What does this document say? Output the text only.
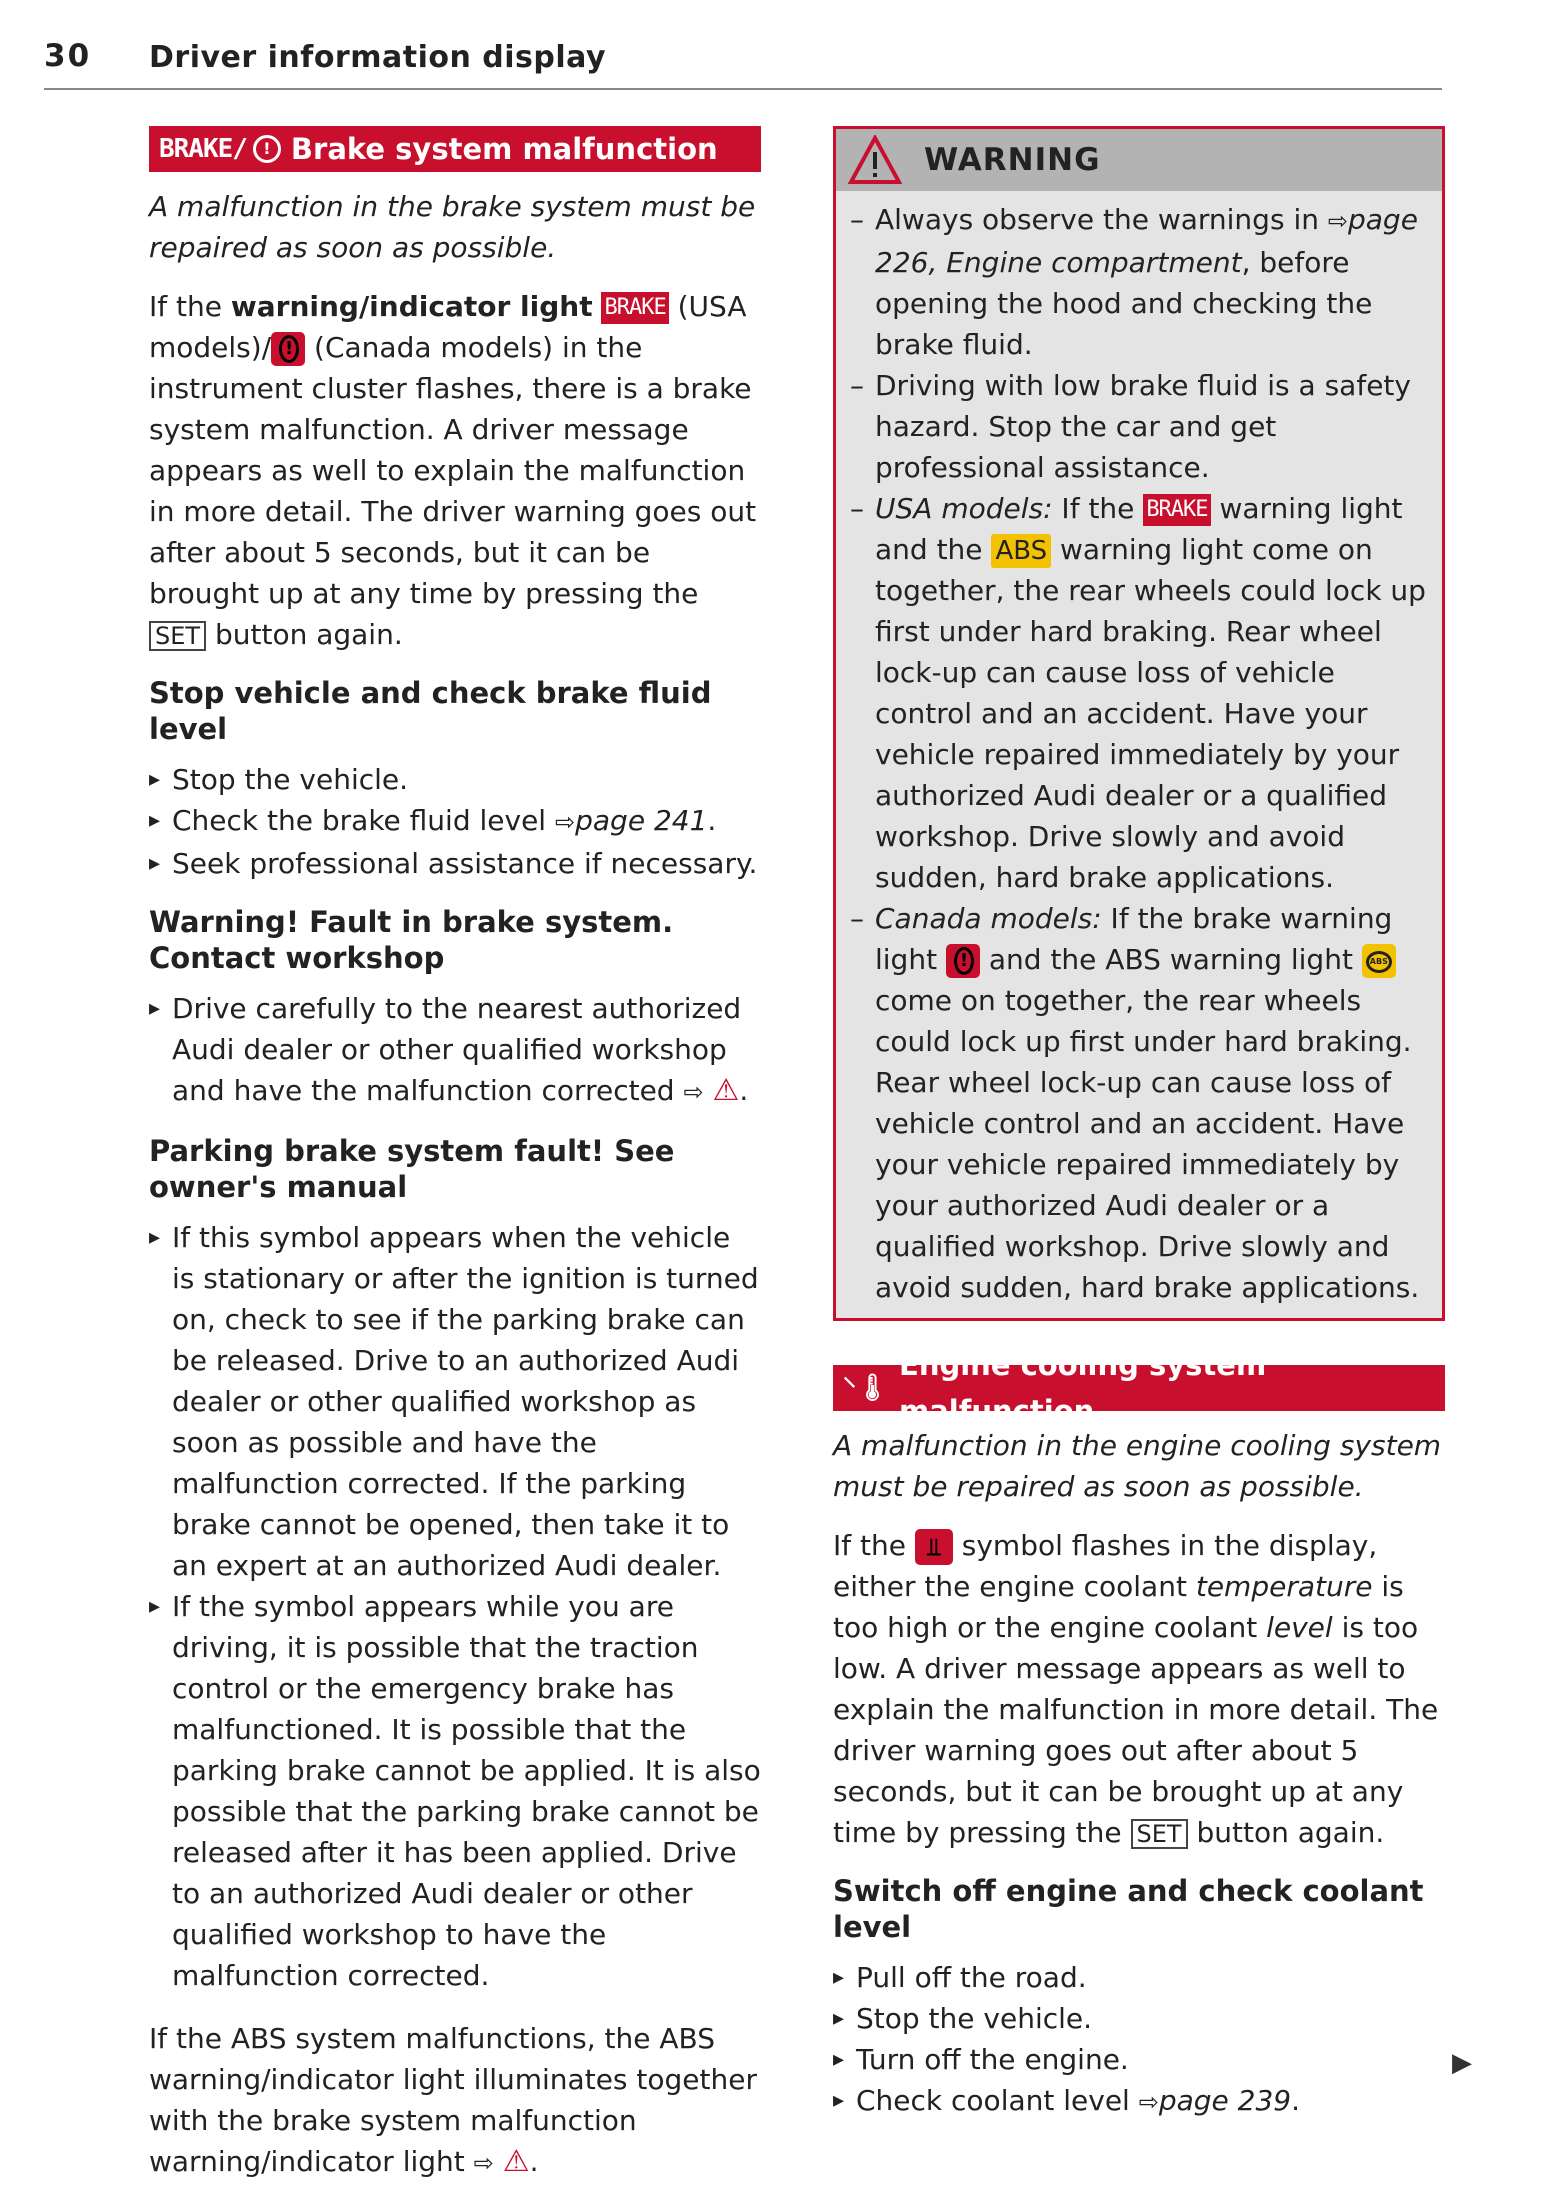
30 Driver information display
BRAKE/	! Brake system malfunction

A malfunction in the brake system must be repaired as soon as possible.

If the warning/indicator light BRAKE (USA models)/! (Canada models) in the instrument cluster flashes, there is a brake system malfunction. A driver message appears as well to explain the malfunction in more detail. The driver warning goes out after about 5 seconds, but it can be brought up at any time by pressing the SET button again.

Stop vehicle and check brake fluid level
▸ Stop the vehicle.
▸ Check the brake fluid level ⇨page 241.
▸ Seek professional assistance if necessary.
Warning! Fault in brake system. Contact workshop
▸ Drive carefully to the nearest authorized Audi dealer or other qualified workshop and have the malfunction corrected ⇨ ⚠.
Parking brake system fault! See owner's manual
▸ If this symbol appears when the vehicle is stationary or after the ignition is turned on, check to see if the parking brake can be released. Drive to an authorized Audi dealer or other qualified workshop as soon as possible and have the malfunction corrected. If the parking brake cannot be opened, then take it to an expert at an authorized Audi dealer.
▸ If the symbol appears while you are driving, it is possible that the traction control or the emergency brake has malfunctioned. It is possible that the parking brake cannot be applied. It is also possible that the parking brake cannot be released after it has been applied. Drive to an authorized Audi dealer or other qualified workshop to have the malfunction corrected.

If the ABS system malfunctions, the ABS warning/indicator light illuminates together with the brake system malfunction warning/indicator light ⇨ ⚠.

WARNING
– Always observe the warnings in ⇨page 226, Engine compartment, before opening the hood and checking the brake fluid.
– Driving with low brake fluid is a safety hazard. Stop the car and get professional assistance.
– USA models: If the BRAKE warning light and the ABS warning light come on together, the rear wheels could lock up first under hard braking. Rear wheel lock-up can cause loss of vehicle control and an accident. Have your vehicle repaired immediately by your authorized Audi dealer or a qualified workshop. Drive slowly and avoid sudden, hard brake applications.
– Canada models: If the brake warning light ! and the ABS warning light ABS come on together, the rear wheels could lock up first under hard braking. Rear wheel lock-up can cause loss of vehicle control and an accident. Have your vehicle repaired immediately by your authorized Audi dealer or a qualified workshop. Drive slowly and avoid sudden, hard brake applications.
⸌🌡
Engine cooling system malfunction

A malfunction in the engine cooling system must be repaired as soon as possible.

If the ⫫ symbol flashes in the display, either the engine coolant temperature is too high or the engine coolant level is too low. A driver message appears as well to explain the malfunction in more detail. The driver warning goes out after about 5 seconds, but it can be brought up at any time by pressing the SET button again.

Switch off engine and check coolant level
▸ Pull off the road.
▸ Stop the vehicle.
▸ Turn off the engine.
▸ Check coolant level ⇨page 239.
▶
